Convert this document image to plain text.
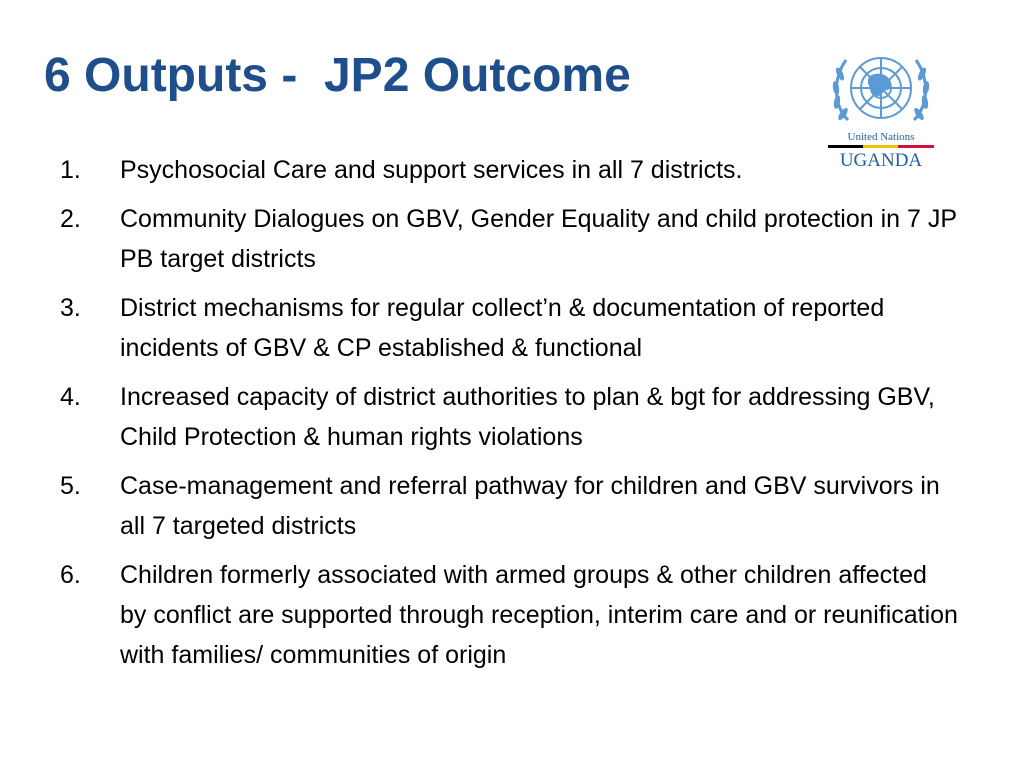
6 Outputs -  JP2 Outcome
United Nations
UGANDA
1.	Psychosocial Care and support services in all 7 districts.
2.	Community Dialogues on GBV, Gender Equality and child protection in 7 JP PB target districts
3.	District mechanisms for regular collect’n & documentation of reported incidents of GBV & CP established & functional
4.	Increased capacity of district authorities to plan & bgt for addressing GBV, Child Protection & human rights violations
5.	Case-management and referral pathway for children and GBV survivors in all 7 targeted districts
6.	Children formerly associated with armed groups & other children affected by conflict are supported through reception, interim care and or reunification with families/ communities of origin
